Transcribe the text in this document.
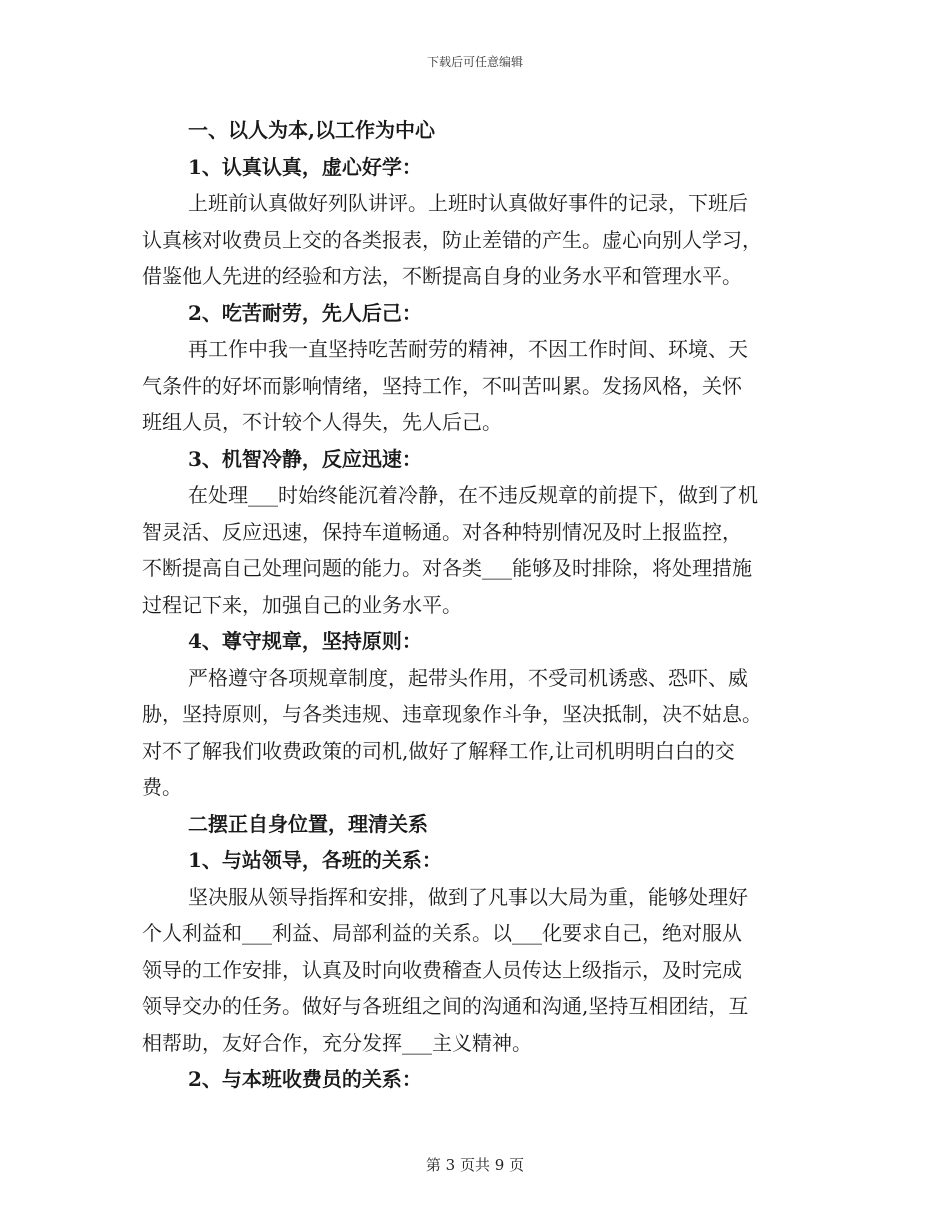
下载后可任意编辑
一、以人为本,以工作为中心
1、认真认真，虚心好学：
上班前认真做好列队讲评。上班时认真做好事件的记录，下班后
认真核对收费员上交的各类报表，防止差错的产生。虚心向别人学习，
借鉴他人先进的经验和方法，不断提高自身的业务水平和管理水平。
2、吃苦耐劳，先人后己：
再工作中我一直坚持吃苦耐劳的精神，不因工作时间、环境、天
气条件的好坏而影响情绪，坚持工作，不叫苦叫累。发扬风格，关怀
班组人员，不计较个人得失，先人后己。
3、机智冷静，反应迅速：
在处理___时始终能沉着冷静，在不违反规章的前提下，做到了机
智灵活、反应迅速，保持车道畅通。对各种特别情况及时上报监控，
不断提高自己处理问题的能力。对各类___能够及时排除，将处理措施
过程记下来，加强自己的业务水平。
4、尊守规章，坚持原则：
严格遵守各项规章制度，起带头作用，不受司机诱惑、恐吓、威
胁，坚持原则，与各类违规、违章现象作斗争，坚决抵制，决不姑息。
对不了解我们收费政策的司机,做好了解释工作,让司机明明白白的交
费。
二摆正自身位置，理清关系
1、与站领导，各班的关系：
坚决服从领导指挥和安排，做到了凡事以大局为重，能够处理好
个人利益和___利益、局部利益的关系。以___化要求自己，绝对服从
领导的工作安排，认真及时向收费稽查人员传达上级指示，及时完成
领导交办的任务。做好与各班组之间的沟通和沟通,坚持互相团结，互
相帮助，友好合作，充分发挥___主义精神。
2、与本班收费员的关系：
第 3 页共 9 页
